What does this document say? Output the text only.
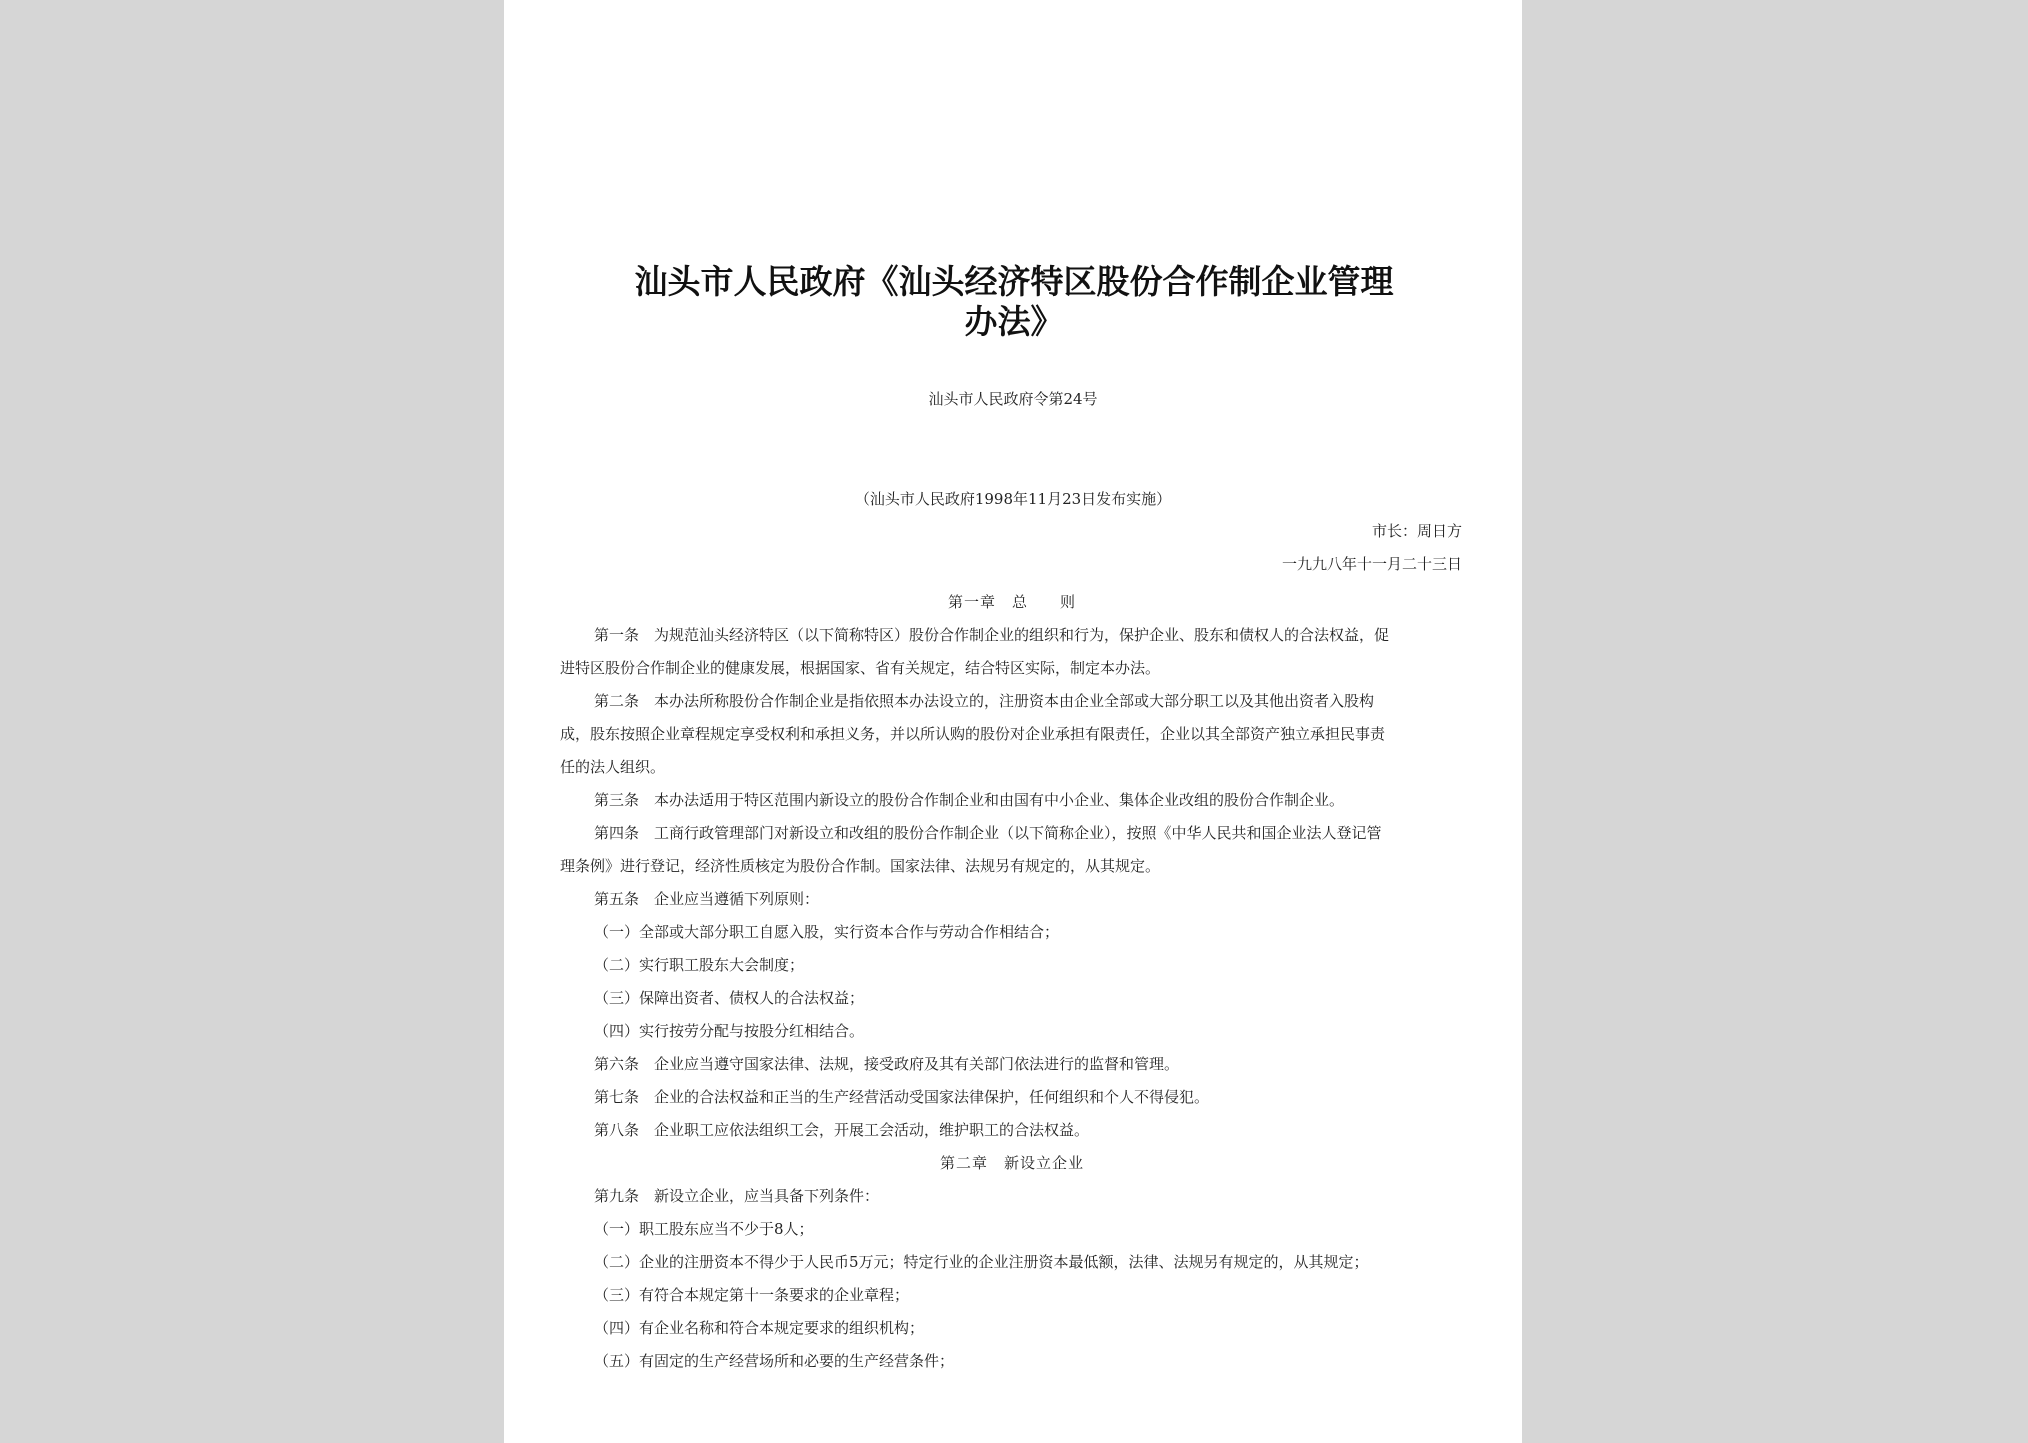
汕头市人民政府《汕头经济特区股份合作制企业管理
办法》
汕头市人民政府令第24号
（汕头市人民政府1998年11月23日发布实施）
市长：周日方
一九九八年十一月二十三日
第一章　总　　则
第一条　为规范汕头经济特区（以下简称特区）股份合作制企业的组织和行为，保护企业、股东和债权人的合法权益，促
进特区股份合作制企业的健康发展，根据国家、省有关规定，结合特区实际，制定本办法。
第二条　本办法所称股份合作制企业是指依照本办法设立的，注册资本由企业全部或大部分职工以及其他出资者入股构
成，股东按照企业章程规定享受权利和承担义务，并以所认购的股份对企业承担有限责任，企业以其全部资产独立承担民事责
任的法人组织。
第三条　本办法适用于特区范围内新设立的股份合作制企业和由国有中小企业、集体企业改组的股份合作制企业。
第四条　工商行政管理部门对新设立和改组的股份合作制企业（以下简称企业），按照《中华人民共和国企业法人登记管
理条例》进行登记，经济性质核定为股份合作制。国家法律、法规另有规定的，从其规定。
第五条　企业应当遵循下列原则：
（一）全部或大部分职工自愿入股，实行资本合作与劳动合作相结合；
（二）实行职工股东大会制度；
（三）保障出资者、债权人的合法权益；
（四）实行按劳分配与按股分红相结合。
第六条　企业应当遵守国家法律、法规，接受政府及其有关部门依法进行的监督和管理。
第七条　企业的合法权益和正当的生产经营活动受国家法律保护，任何组织和个人不得侵犯。
第八条　企业职工应依法组织工会，开展工会活动，维护职工的合法权益。
第二章　新设立企业
第九条　新设立企业，应当具备下列条件：
（一）职工股东应当不少于8人；
（二）企业的注册资本不得少于人民币5万元；特定行业的企业注册资本最低额，法律、法规另有规定的，从其规定；
（三）有符合本规定第十一条要求的企业章程；
（四）有企业名称和符合本规定要求的组织机构；
（五）有固定的生产经营场所和必要的生产经营条件；
